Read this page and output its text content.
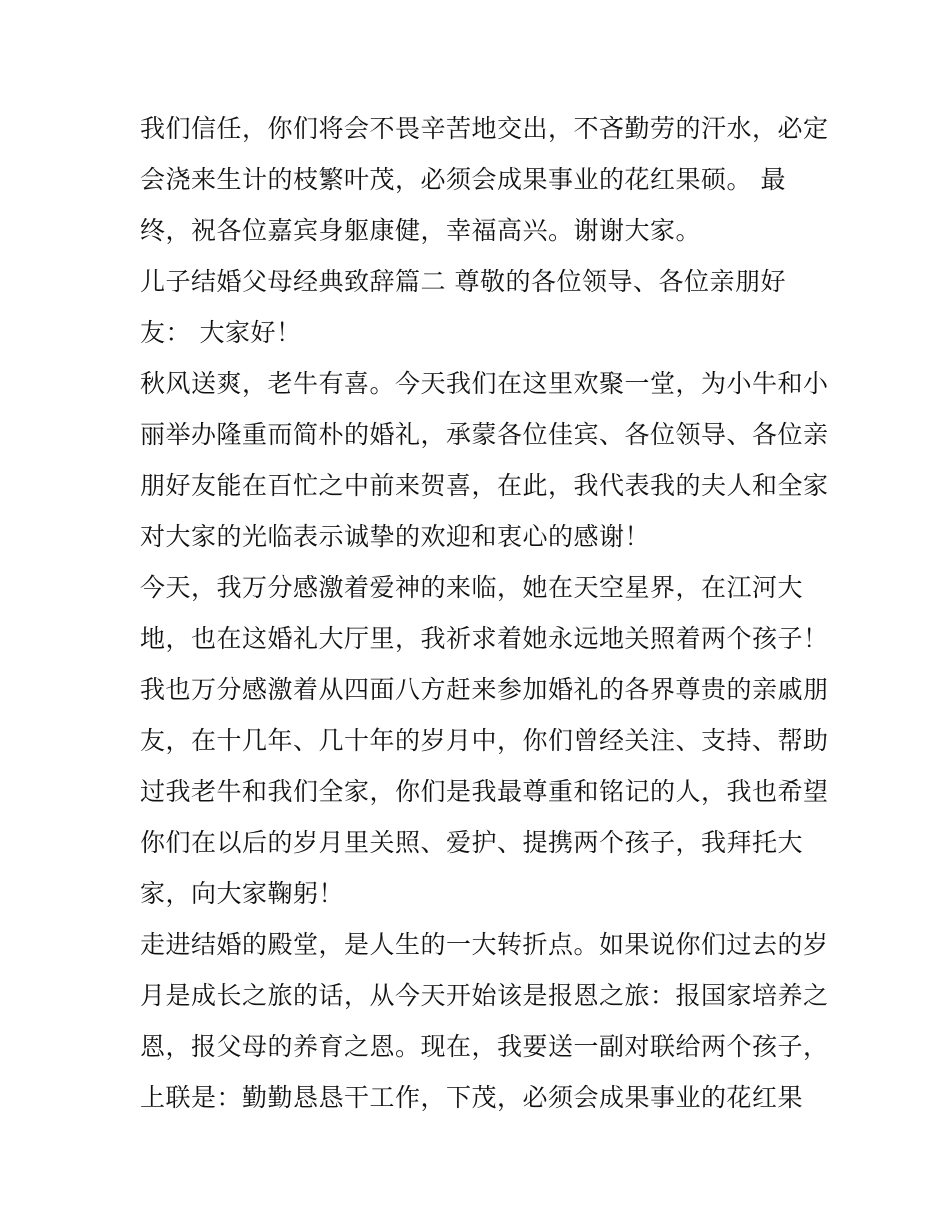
我们信任，你们将会不畏辛苦地交出，不吝勤劳的汗水，必定
会浇来生计的枝繁叶茂，必须会成果事业的花红果硕。 最
终，祝各位嘉宾身躯康健，幸福高兴。谢谢大家。
儿子结婚父母经典致辞篇二 尊敬的各位领导、各位亲朋好
友： 大家好！
秋风送爽，老牛有喜。今天我们在这里欢聚一堂，为小牛和小
丽举办隆重而简朴的婚礼，承蒙各位佳宾、各位领导、各位亲
朋好友能在百忙之中前来贺喜，在此，我代表我的夫人和全家
对大家的光临表示诚挚的欢迎和衷心的感谢！
今天，我万分感激着爱神的来临，她在天空星界，在江河大
地，也在这婚礼大厅里，我祈求着她永远地关照着两个孩子！
我也万分感激着从四面八方赶来参加婚礼的各界尊贵的亲戚朋
友，在十几年、几十年的岁月中，你们曾经关注、支持、帮助
过我老牛和我们全家，你们是我最尊重和铭记的人，我也希望
你们在以后的岁月里关照、爱护、提携两个孩子，我拜托大
家，向大家鞠躬！
走进结婚的殿堂，是人生的一大转折点。如果说你们过去的岁
月是成长之旅的话，从今天开始该是报恩之旅：报国家培养之
恩，报父母的养育之恩。现在，我要送一副对联给两个孩子，
上联是：勤勤恳恳干工作，下茂，必须会成果事业的花红果
